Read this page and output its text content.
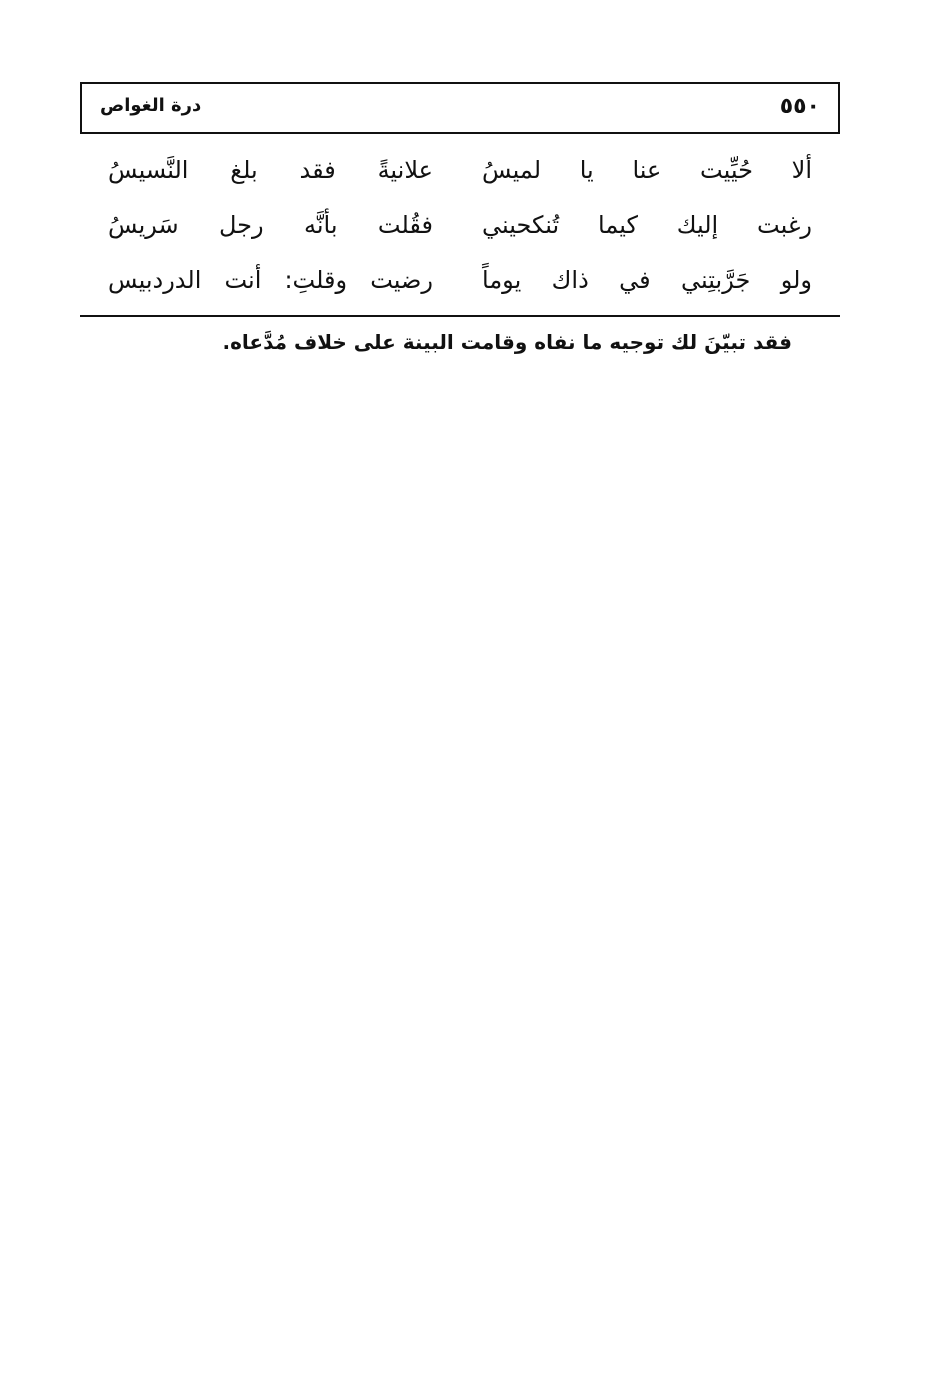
٥٥٠
درة الغواص
ألا حُيِّيت عنا يا لميسُ
علانيةً فقد بلغ النَّسيسُ
رغبت إليك كيما تُنكحيني
فقُلت بأنَّه رجل سَريسُ
ولو جَرَّبتِني في ذاك يوماً
رضيت وقلتِ: أنت الدردبيس
فقد تبيّنَ لك توجيه ما نفاه وقامت البينة على خلاف مُدَّعاه.
